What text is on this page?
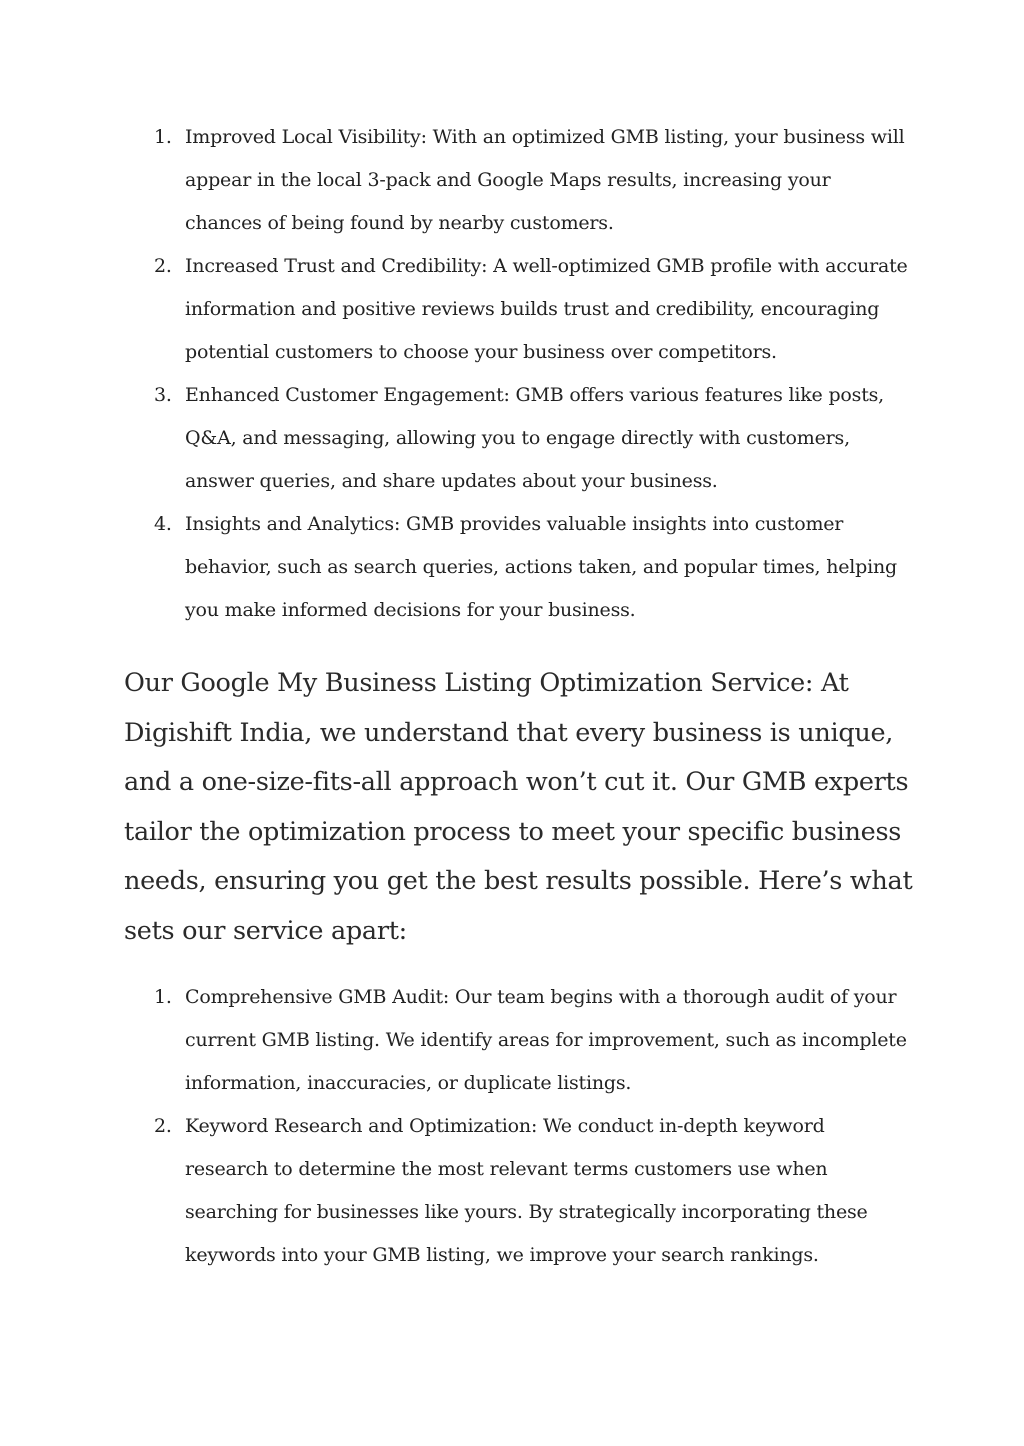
1. Improved Local Visibility: With an optimized GMB listing, your business will appear in the local 3-pack and Google Maps results, increasing your chances of being found by nearby customers.
2. Increased Trust and Credibility: A well-optimized GMB profile with accurate information and positive reviews builds trust and credibility, encouraging potential customers to choose your business over competitors.
3. Enhanced Customer Engagement: GMB offers various features like posts, Q&A, and messaging, allowing you to engage directly with customers, answer queries, and share updates about your business.
4. Insights and Analytics: GMB provides valuable insights into customer behavior, such as search queries, actions taken, and popular times, helping you make informed decisions for your business.

Our Google My Business Listing Optimization Service: At Digishift India, we understand that every business is unique, and a one-size-fits-all approach won’t cut it. Our GMB experts tailor the optimization process to meet your specific business needs, ensuring you get the best results possible. Here’s what sets our service apart:

1. Comprehensive GMB Audit: Our team begins with a thorough audit of your current GMB listing. We identify areas for improvement, such as incomplete information, inaccuracies, or duplicate listings.
2. Keyword Research and Optimization: We conduct in-depth keyword research to determine the most relevant terms customers use when searching for businesses like yours. By strategically incorporating these keywords into your GMB listing, we improve your search rankings.
